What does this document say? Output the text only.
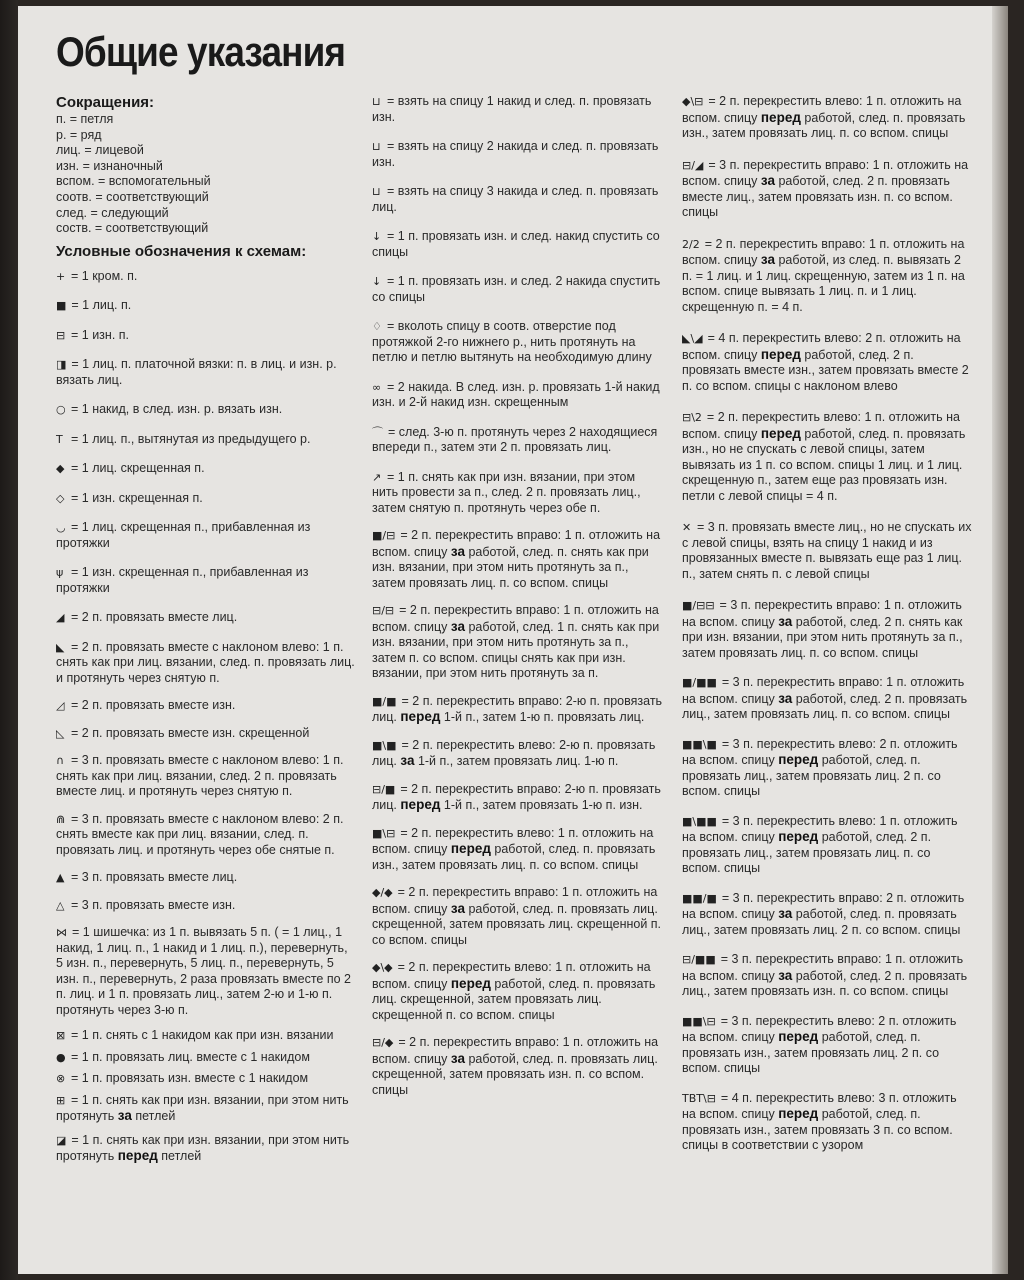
Общие указания
Сокращения:
п. = петля
р. = ряд
лиц. = лицевой
изн. = изнаночный
вспом. = вспомогательный
соотв. = соответствующий
след. = следующий
соств. = соответствующий
Условные обозначения к схемам:
+ = 1 кром. п.
■ = 1 лиц. п.
⊟ = 1 изн. п.
◨ = 1 лиц. п. платочной вязки: п. в лиц. и изн. р. вязать лиц.
○ = 1 накид, в след. изн. р. вязать изн.
T = 1 лиц. п., вытянутая из предыдущего р.
◆ = 1 лиц. скрещенная п.
◇ = 1 изн. скрещенная п.
◡ = 1 лиц. скрещенная п., прибавленная из протяжки
ψ = 1 изн. скрещенная п., прибавленная из протяжки
◢ = 2 п. провязать вместе лиц.
◣ = 2 п. провязать вместе с наклоном влево: 1 п. снять как при лиц. вязании, след. п. провязать лиц. и протянуть через снятую п.
◿ = 2 п. провязать вместе изн.
◺ = 2 п. провязать вместе изн. скрещенной
∩ = 3 п. провязать вместе с наклоном влево: 1 п. снять как при лиц. вязании, след. 2 п. провязать вместе лиц. и протянуть через снятую п.
⋒ = 3 п. провязать вместе с наклоном влево: 2 п. снять вместе как при лиц. вязании, след. п. провязать лиц. и протянуть через обе снятые п.
▲ = 3 п. провязать вместе лиц.
△ = 3 п. провязать вместе изн.
⋈ = 1 шишечка: из 1 п. вывязать 5 п. ( = 1 лиц., 1 накид, 1 лиц. п., 1 накид и 1 лиц. п.), перевернуть, 5 изн. п., перевернуть, 5 лиц. п., перевернуть, 5 изн. п., перевернуть, 2 раза провязать вместе по 2 п. лиц. и 1 п. провязать лиц., затем 2-ю и 1-ю п. протянуть через 3-ю п.
⊠ = 1 п. снять с 1 накидом как при изн. вязании
● = 1 п. провязать лиц. вместе с 1 накидом
⊗ = 1 п. провязать изн. вместе с 1 накидом
⊞ = 1 п. снять как при изн. вязании, при этом нить протянуть за петлей
◪ = 1 п. снять как при изн. вязании, при этом нить протянуть перед петлей
⊔ = взять на спицу 1 накид и след. п. провязать изн.
⊔ = взять на спицу 2 накида и след. п. провязать изн.
⊔ = взять на спицу 3 накида и след. п. провязать лиц.
↓ = 1 п. провязать изн. и след. накид спустить со спицы
↓ = 1 п. провязать изн. и след. 2 накида спустить со спицы
♢ = вколоть спицу в соотв. отверстие под протяжкой 2-го нижнего р., нить протянуть на петлю и петлю вытянуть на необходимую длину
∞ = 2 накида. В след. изн. р. провязать 1-й накид изн. и 2-й накид изн. скрещенным
⌒ = след. 3-ю п. протянуть через 2 находящиеся впереди п., затем эти 2 п. провязать лиц.
↗ = 1 п. снять как при изн. вязании, при этом нить провести за п., след. 2 п. провязать лиц., затем снятую п. протянуть через обе п.
■/⊟ = 2 п. перекрестить вправо: 1 п. отложить на вспом. спицу за работой, след. п. снять как при изн. вязании, при этом нить протянуть за п., затем провязать лиц. п. со вспом. спицы
⊟/⊟ = 2 п. перекрестить вправо: 1 п. отложить на вспом. спицу за работой, след. 1 п. снять как при изн. вязании, при этом нить протянуть за п., затем п. со вспом. спицы снять как при изн. вязании, при этом нить протянуть за п.
■/■ = 2 п. перекрестить вправо: 2-ю п. провязать лиц. перед 1-й п., затем 1-ю п. провязать лиц.
■\■ = 2 п. перекрестить влево: 2-ю п. провязать лиц. за 1-й п., затем провязать лиц. 1-ю п.
⊟/■ = 2 п. перекрестить вправо: 2-ю п. провязать лиц. перед 1-й п., затем провязать 1-ю п. изн.
■\⊟ = 2 п. перекрестить влево: 1 п. отложить на вспом. спицу перед работой, след. п. провязать изн., затем провязать лиц. п. со вспом. спицы
◆/◆ = 2 п. перекрестить вправо: 1 п. отложить на вспом. спицу за работой, след. п. провязать лиц. скрещенной, затем провязать лиц. скрещенной п. со вспом. спицы
◆\◆ = 2 п. перекрестить влево: 1 п. отложить на вспом. спицу перед работой, след. п. провязать лиц. скрещенной, затем провязать лиц. скрещенной п. со вспом. спицы
⊟/◆ = 2 п. перекрестить вправо: 1 п. отложить на вспом. спицу за работой, след. п. провязать лиц. скрещенной, затем провязать изн. п. со вспом. спицы
◆\⊟ = 2 п. перекрестить влево: 1 п. отложить на вспом. спицу перед работой, след. п. провязать изн., затем провязать лиц. п. со вспом. спицы
⊟/◢ = 3 п. перекрестить вправо: 1 п. отложить на вспом. спицу за работой, след. 2 п. провязать вместе лиц., затем провязать изн. п. со вспом. спицы
2/2 = 2 п. перекрестить вправо: 1 п. отложить на вспом. спицу за работой, из след. п. вывязать 2 п. = 1 лиц. и 1 лиц. скрещенную, затем из 1 п. на вспом. спице вывязать 1 лиц. п. и 1 лиц. скрещенную п. = 4 п.
◣\◢ = 4 п. перекрестить влево: 2 п. отложить на вспом. спицу перед работой, след. 2 п. провязать вместе изн., затем провязать вместе 2 п. со вспом. спицы с наклоном влево
⊟\2 = 2 п. перекрестить влево: 1 п. отложить на вспом. спицу перед работой, след. п. провязать изн., но не спускать с левой спицы, затем вывязать из 1 п. со вспом. спицы 1 лиц. и 1 лиц. скрещенную п., затем еще раз провязать изн. петли с левой спицы = 4 п.
✕ = 3 п. провязать вместе лиц., но не спускать их с левой спицы, взять на спицу 1 накид и из провязанных вместе п. вывязать еще раз 1 лиц. п., затем снять п. с левой спицы
■/⊟⊟ = 3 п. перекрестить вправо: 1 п. отложить на вспом. спицу за работой, след. 2 п. снять как при изн. вязании, при этом нить протянуть за п., затем провязать лиц. п. со вспом. спицы
■/■■ = 3 п. перекрестить вправо: 1 п. отложить на вспом. спицу за работой, след. 2 п. провязать лиц., затем провязать лиц. п. со вспом. спицы
■■\■ = 3 п. перекрестить влево: 2 п. отложить на вспом. спицу перед работой, след. п. провязать лиц., затем провязать лиц. 2 п. со вспом. спицы
■\■■ = 3 п. перекрестить влево: 1 п. отложить на вспом. спицу перед работой, след. 2 п. провязать лиц., затем провязать лиц. п. со вспом. спицы
■■/■ = 3 п. перекрестить вправо: 2 п. отложить на вспом. спицу за работой, след. п. провязать лиц., затем провязать лиц. 2 п. со вспом. спицы
⊟/■■ = 3 п. перекрестить вправо: 1 п. отложить на вспом. спицу за работой, след. 2 п. провязать лиц., затем провязать изн. п. со вспом. спицы
■■\⊟ = 3 п. перекрестить влево: 2 п. отложить на вспом. спицу перед работой, след. п. провязать изн., затем провязать лиц. 2 п. со вспом. спицы
TBT\⊟ = 4 п. перекрестить влево: 3 п. отложить на вспом. спицу перед работой, след. п. провязать изн., затем провязать 3 п. со вспом. спицы в соответствии с узором
